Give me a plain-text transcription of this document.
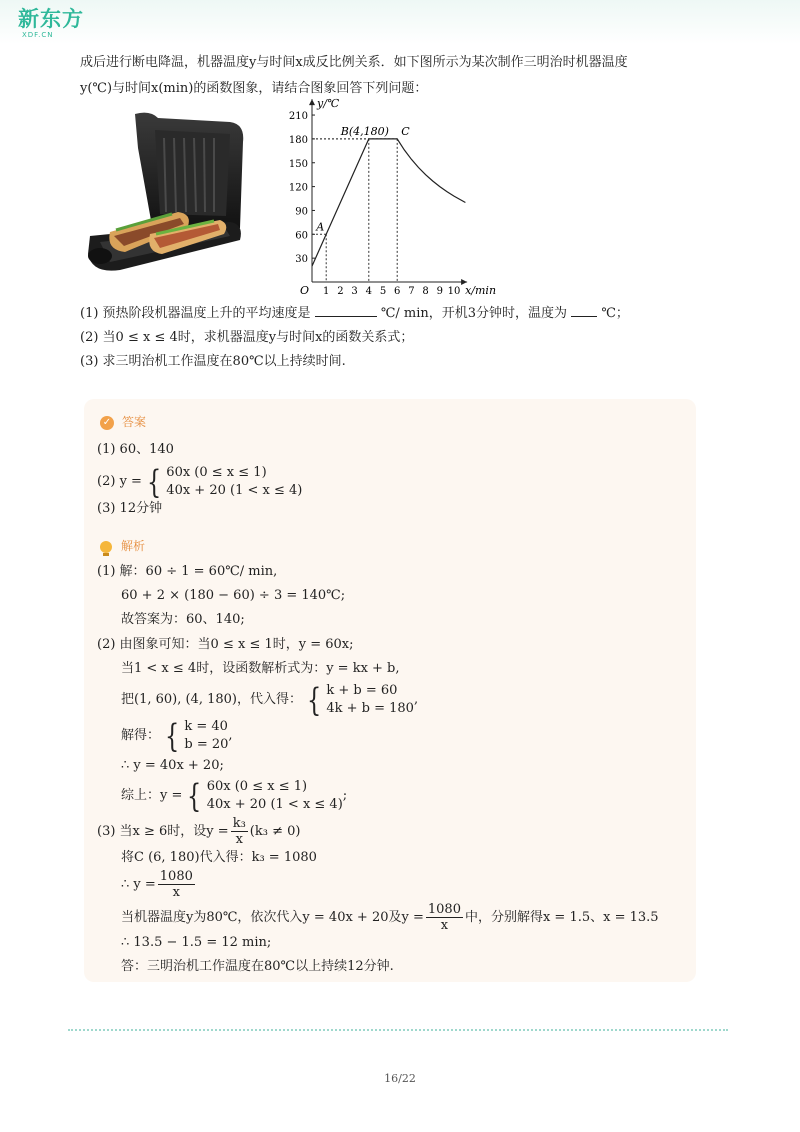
新东方
XDF.CN
成后进行断电降温，机器温度y与时间x成反比例关系．如下图所示为某次制作三明治时机器温度
y(℃)与时间x(min)的函数图象，请结合图象回答下列问题：
y/℃
x/min
O 1 2 3 4 5 6 7 8 9 10
30
60
90
120
150
180
210
A
B(4,180) C
(1) 预热阶段机器温度上升的平均速度是	℃/ min，开机3分钟时，温度为	℃；
(2) 当0 ≤ x ≤ 4时，求机器温度y与时间x的函数关系式；
(3) 求三明治机工作温度在80℃以上持续时间.
✓ 答案
(1) 60、140
(2) y = { 60x (0 ≤ x ≤ 1)
40x + 20 (1 < x ≤ 4)
(3) 12分钟
解析
(1) 解：60 ÷ 1 = 60℃/ min,
60 + 2 × (180 − 60) ÷ 3 = 140℃;
故答案为：60、140;
(2) 由图象可知：当0 ≤ x ≤ 1时，y = 60x;
当1 < x ≤ 4时，设函数解析式为：y = kx + b,
把(1, 60), (4, 180)，代入得： { k + b = 60
4k + b = 180
,
解得： { k = 40
b = 20
,
∴ y = 40x + 20;
综上：y = { 60x (0 ≤ x ≤ 1)
40x + 20 (1 < x ≤ 4)
;
(3) 当x ≥ 6时，设$y = \frac{\text{k₃}}{x} (k_3 \ne 0)$
将C (6, 180)代入得：k₃ = 1080
∴ $y = \frac{1080}{x}$
当机器温度y为80℃，依次代入y = 40x + 20及$y = \frac{1080}{x}$ 中，分别解得x = 1.5、x = 13.5
∴ 13.5 − 1.5 = 12 min;
答：三明治机工作温度在80℃以上持续12分钟.
16/22
